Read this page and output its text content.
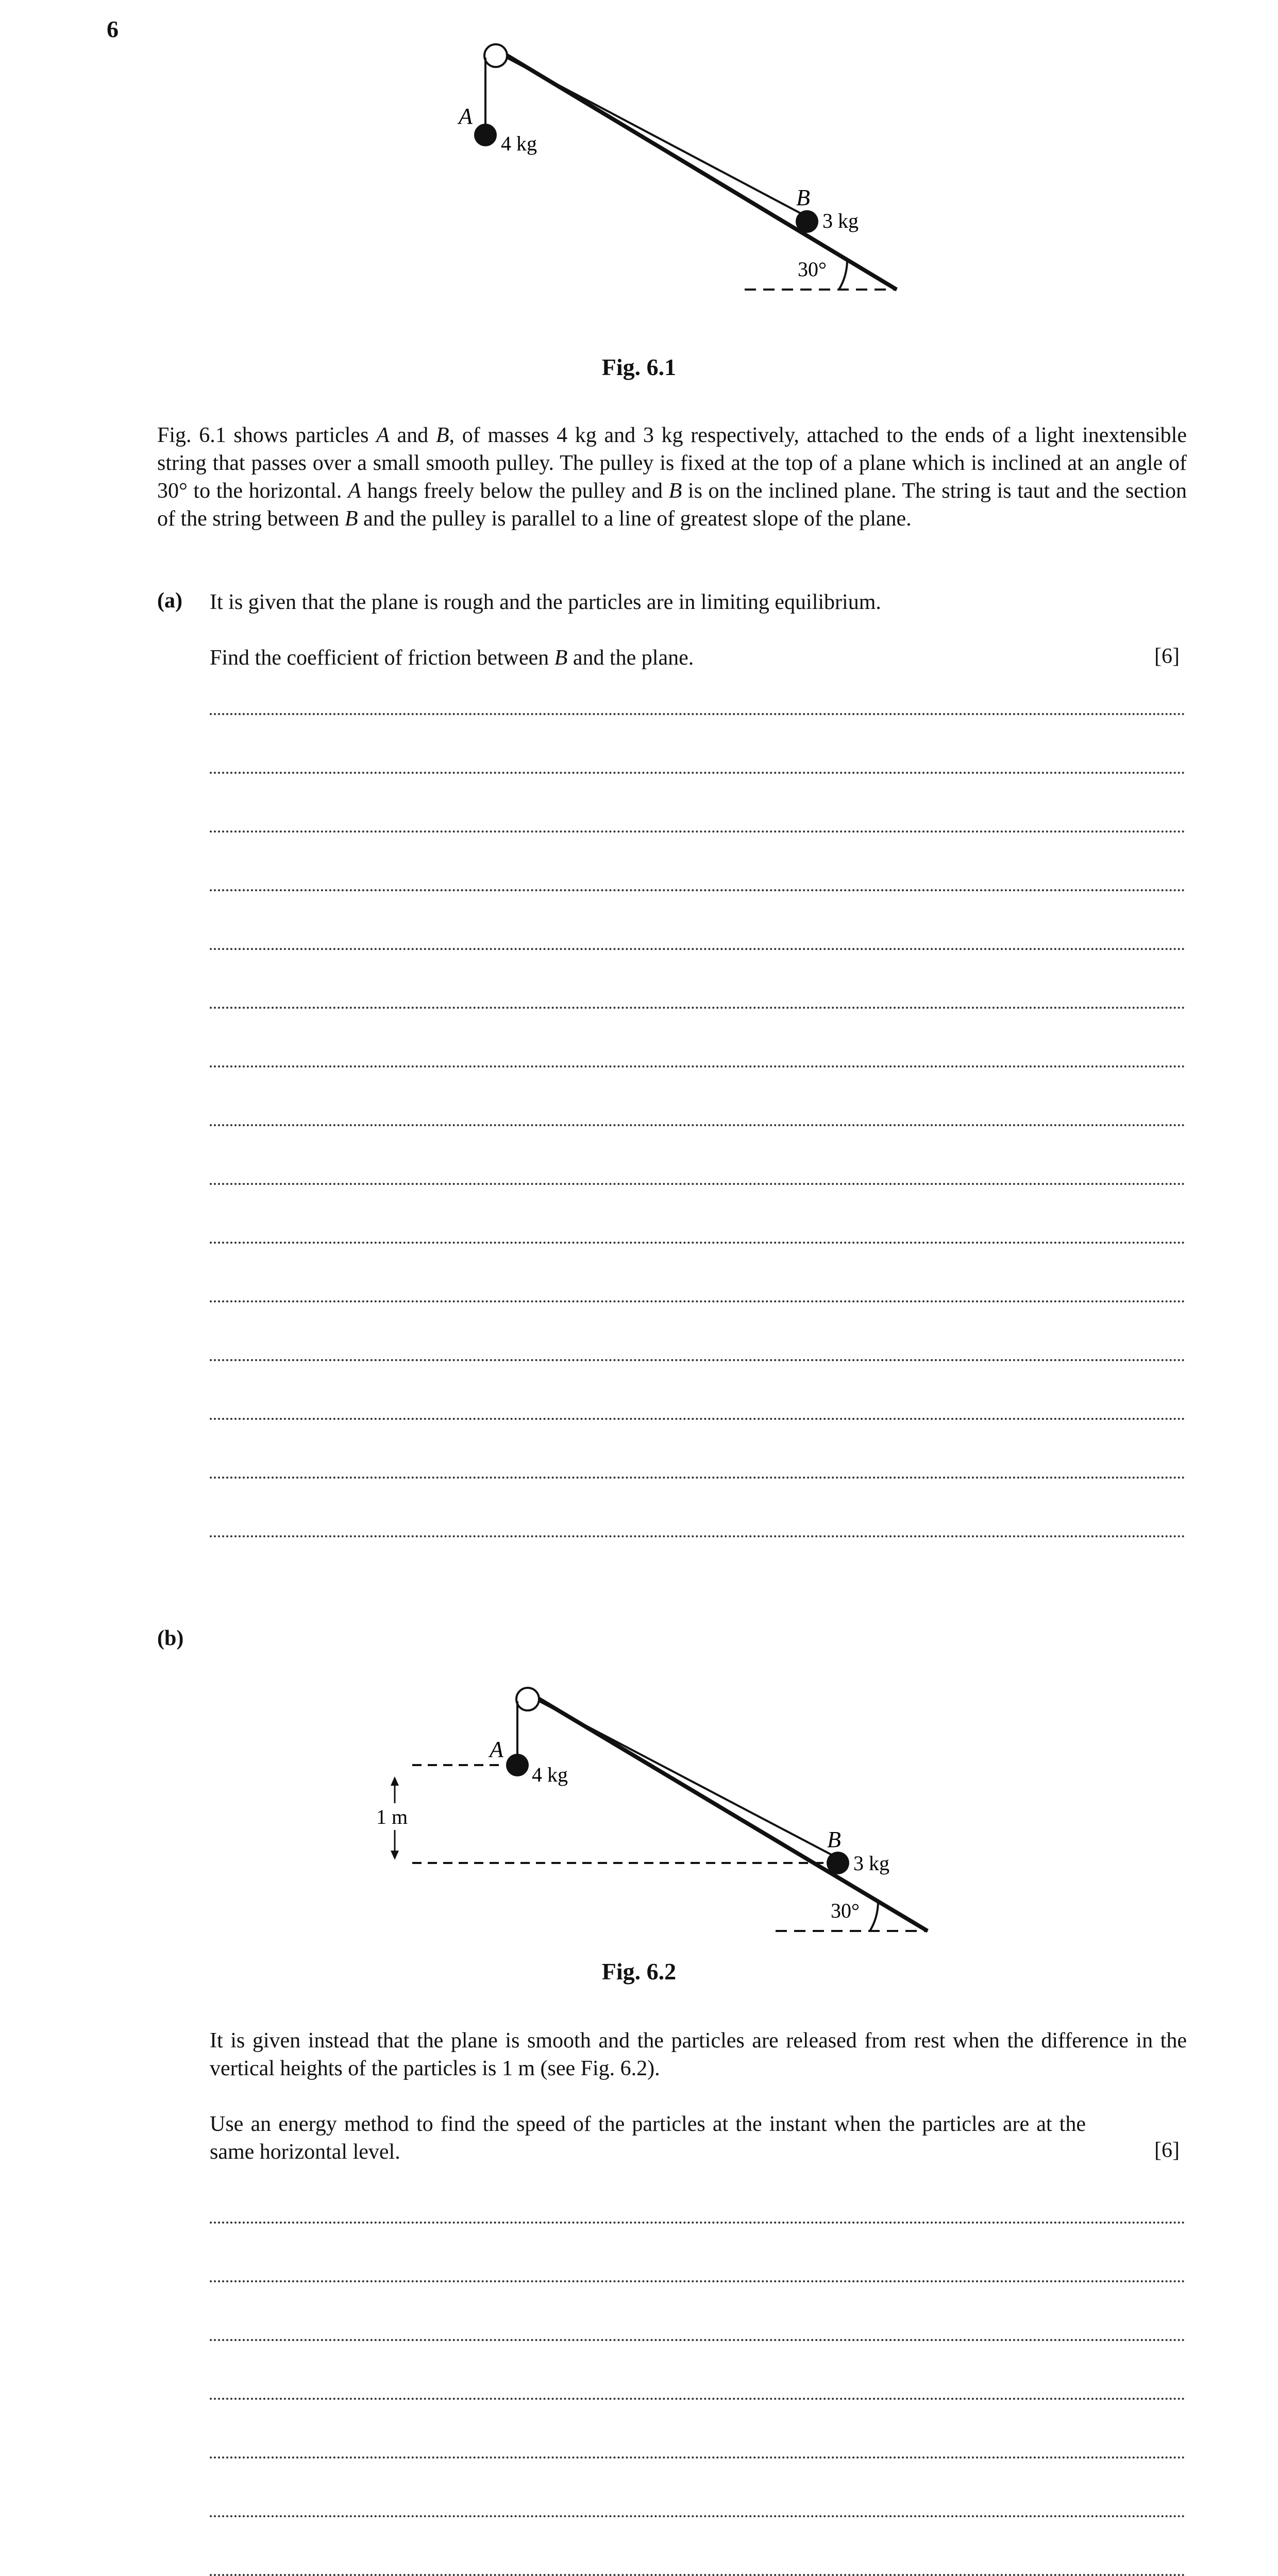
6
A
4 kg
B
3 kg
30°
Fig. 6.1
Fig. 6.1 shows particles A and B, of masses 4 kg and 3 kg respectively, attached to the ends of a light inextensible string that passes over a small smooth pulley. The pulley is fixed at the top of a plane which is inclined at an angle of 30° to the horizontal. A hangs freely below the pulley and B is on the inclined plane. The string is taut and the section of the string between B and the pulley is parallel to a line of greatest slope of the plane.
(a) It is given that the plane is rough and the particles are in limiting equilibrium.
Find the coefficient of friction between B and the plane.	[6]
(b)
A
4 kg
B
3 kg
30°
1 m
Fig. 6.2
It is given instead that the plane is smooth and the particles are released from rest when the difference in the vertical heights of the particles is 1 m (see Fig. 6.2).
Use an energy method to find the speed of the particles at the instant when the particles are at the same horizontal level.	[6]
